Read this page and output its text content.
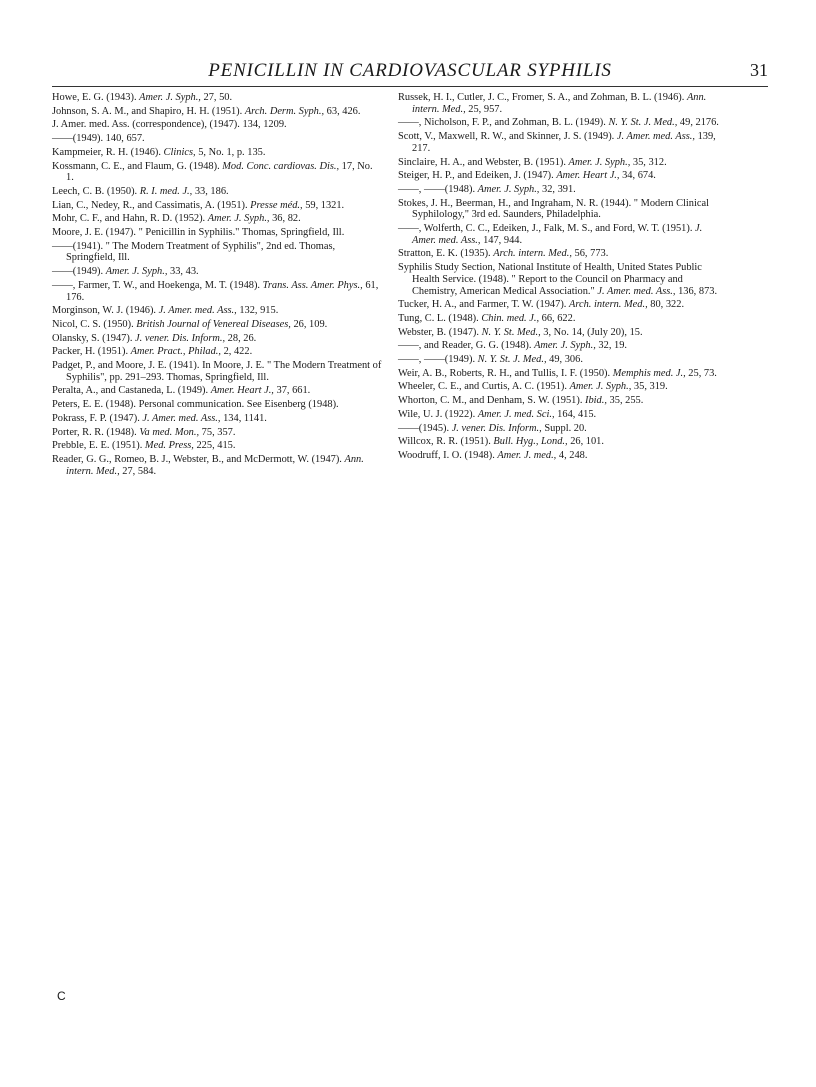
PENICILLIN IN CARDIOVASCULAR SYPHILIS	31

Howe, E. G. (1943). Amer. J. Syph., 27, 50.

Johnson, S. A. M., and Shapiro, H. H. (1951). Arch. Derm. Syph., 63, 426.

J. Amer. med. Ass. (correspondence), (1947). 134, 1209.

——(1949). 140, 657.

Kampmeier, R. H. (1946). Clinics, 5, No. 1, p. 135.

Kossmann, C. E., and Flaum, G. (1948). Mod. Conc. cardiovas. Dis., 17, No. 1.

Leech, C. B. (1950). R. I. med. J., 33, 186.

Lian, C., Nedey, R., and Cassimatis, A. (1951). Presse méd., 59, 1321.

Mohr, C. F., and Hahn, R. D. (1952). Amer. J. Syph., 36, 82.

Moore, J. E. (1947). " Penicillin in Syphilis." Thomas, Springfield, Ill.

——(1941). " The Modern Treatment of Syphilis", 2nd ed. Thomas, Springfield, Ill.

——(1949). Amer. J. Syph., 33, 43.

——, Farmer, T. W., and Hoekenga, M. T. (1948). Trans. Ass. Amer. Phys., 61, 176.

Morginson, W. J. (1946). J. Amer. med. Ass., 132, 915.

Nicol, C. S. (1950). British Journal of Venereal Diseases, 26, 109.

Olansky, S. (1947). J. vener. Dis. Inform., 28, 26.

Packer, H. (1951). Amer. Pract., Philad., 2, 422.

Padget, P., and Moore, J. E. (1941). In Moore, J. E. " The Modern Treatment of Syphilis", pp. 291–293. Thomas, Springfield, Ill.

Peralta, A., and Castaneda, L. (1949). Amer. Heart J., 37, 661.

Peters, E. E. (1948). Personal communication. See Eisenberg (1948).

Pokrass, F. P. (1947). J. Amer. med. Ass., 134, 1141.

Porter, R. R. (1948). Va med. Mon., 75, 357.

Prebble, E. E. (1951). Med. Press, 225, 415.

Reader, G. G., Romeo, B. J., Webster, B., and McDermott, W. (1947). Ann. intern. Med., 27, 584.

Russek, H. I., Cutler, J. C., Fromer, S. A., and Zohman, B. L. (1946). Ann. intern. Med., 25, 957.

——, Nicholson, F. P., and Zohman, B. L. (1949). N. Y. St. J. Med., 49, 2176.

Scott, V., Maxwell, R. W., and Skinner, J. S. (1949). J. Amer. med. Ass., 139, 217.

Sinclaire, H. A., and Webster, B. (1951). Amer. J. Syph., 35, 312.

Steiger, H. P., and Edeiken, J. (1947). Amer. Heart J., 34, 674.

——, ——(1948). Amer. J. Syph., 32, 391.

Stokes, J. H., Beerman, H., and Ingraham, N. R. (1944). " Modern Clinical Syphilology," 3rd ed. Saunders, Philadelphia.

——, Wolferth, C. C., Edeiken, J., Falk, M. S., and Ford, W. T. (1951). J. Amer. med. Ass., 147, 944.

Stratton, E. K. (1935). Arch. intern. Med., 56, 773.

Syphilis Study Section, National Institute of Health, United States Public Health Service. (1948). " Report to the Council on Pharmacy and Chemistry, American Medical Association." J. Amer. med. Ass., 136, 873.

Tucker, H. A., and Farmer, T. W. (1947). Arch. intern. Med., 80, 322.

Tung, C. L. (1948). Chin. med. J., 66, 622.

Webster, B. (1947). N. Y. St. Med., 3, No. 14, (July 20), 15.

——, and Reader, G. G. (1948). Amer. J. Syph., 32, 19.

——, ——(1949). N. Y. St. J. Med., 49, 306.

Weir, A. B., Roberts, R. H., and Tullis, I. F. (1950). Memphis med. J., 25, 73.

Wheeler, C. E., and Curtis, A. C. (1951). Amer. J. Syph., 35, 319.

Whorton, C. M., and Denham, S. W. (1951). Ibid., 35, 255.

Wile, U. J. (1922). Amer. J. med. Sci., 164, 415.

——(1945). J. vener. Dis. Inform., Suppl. 20.

Willcox, R. R. (1951). Bull. Hyg., Lond., 26, 101.

Woodruff, I. O. (1948). Amer. J. med., 4, 248.

C
